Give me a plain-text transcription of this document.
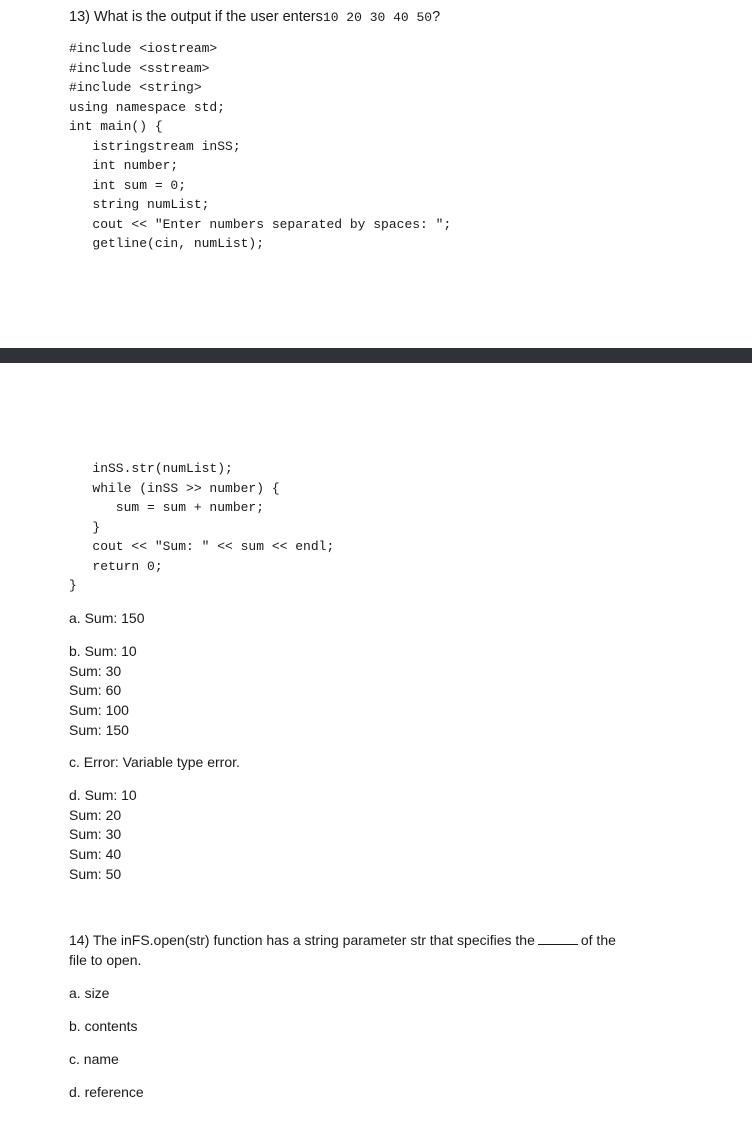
13) What is the output if the user enters10 20 30 40 50?

#include <iostream>
#include <sstream>
#include <string>
using namespace std;
int main() {
istringstream inSS;
int number;
int sum = 0;
string numList;
cout << "Enter numbers separated by spaces: ";
getline(cin, numList);
inSS.str(numList);
while (inSS >> number) {
sum = sum + number;
}
cout << "Sum: " << sum << endl;
return 0;
}

a. Sum: 150

b. Sum: 10
Sum: 30
Sum: 60
Sum: 100
Sum: 150

c. Error: Variable type error.

d. Sum: 10
Sum: 20
Sum: 30
Sum: 40
Sum: 50

14) The inFS.open(str) function has a string parameter str that specifies the	of the

file to open.

a. size

b. contents

c. name

d. reference
